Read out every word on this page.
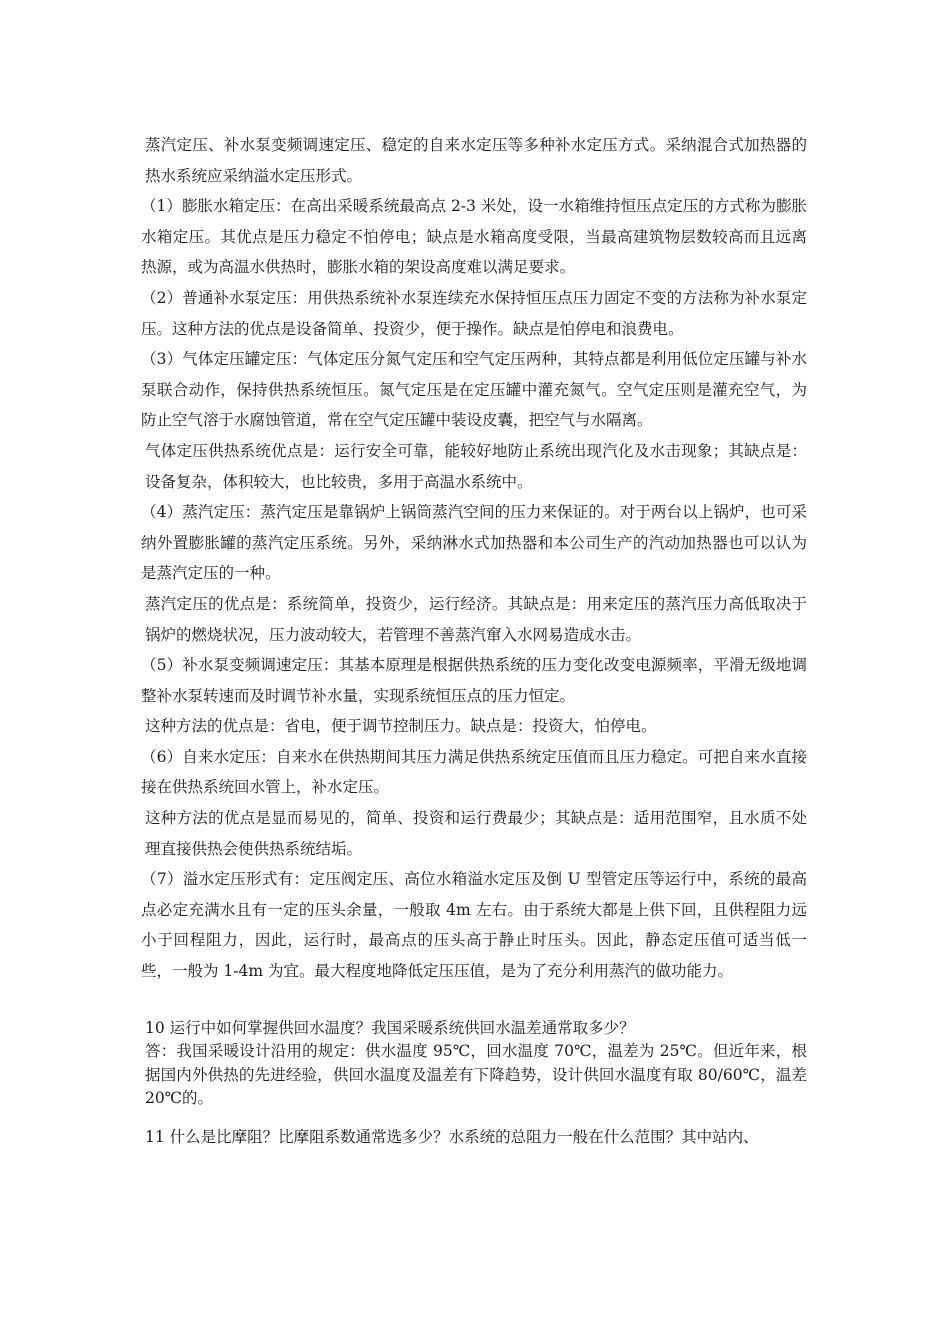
蒸汽定压、补水泵变频调速定压、稳定的自来水定压等多种补水定压方式。采纳混合式加热器的热水系统应采纳溢水定压形式。

（1）膨胀水箱定压：在高出采暖系统最高点 2-3 米处，设一水箱维持恒压点定压的方式称为膨胀水箱定压。其优点是压力稳定不怕停电；缺点是水箱高度受限，当最高建筑物层数较高而且远离热源，或为高温水供热时，膨胀水箱的架设高度难以满足要求。

（2）普通补水泵定压：用供热系统补水泵连续充水保持恒压点压力固定不变的方法称为补水泵定压。这种方法的优点是设备简单、投资少，便于操作。缺点是怕停电和浪费电。

（3）气体定压罐定压：气体定压分氮气定压和空气定压两种，其特点都是利用低位定压罐与补水泵联合动作，保持供热系统恒压。氮气定压是在定压罐中灌充氮气。空气定压则是灌充空气，为防止空气溶于水腐蚀管道，常在空气定压罐中装设皮囊，把空气与水隔离。

气体定压供热系统优点是：运行安全可靠，能较好地防止系统出现汽化及水击现象；其缺点是：设备复杂，体积较大，也比较贵，多用于高温水系统中。

（4）蒸汽定压：蒸汽定压是靠锅炉上锅筒蒸汽空间的压力来保证的。对于两台以上锅炉，也可采纳外置膨胀罐的蒸汽定压系统。另外，采纳淋水式加热器和本公司生产的汽动加热器也可以认为是蒸汽定压的一种。

蒸汽定压的优点是：系统简单，投资少，运行经济。其缺点是：用来定压的蒸汽压力高低取决于锅炉的燃烧状况，压力波动较大，若管理不善蒸汽窜入水网易造成水击。

（5）补水泵变频调速定压：其基本原理是根据供热系统的压力变化改变电源频率，平滑无级地调整补水泵转速而及时调节补水量，实现系统恒压点的压力恒定。

这种方法的优点是：省电，便于调节控制压力。缺点是：投资大，怕停电。

（6）自来水定压：自来水在供热期间其压力满足供热系统定压值而且压力稳定。可把自来水直接接在供热系统回水管上，补水定压。

这种方法的优点是显而易见的，简单、投资和运行费最少；其缺点是：适用范围窄，且水质不处理直接供热会使供热系统结垢。

（7）溢水定压形式有：定压阀定压、高位水箱溢水定压及倒 U 型管定压等运行中，系统的最高点必定充满水且有一定的压头余量，一般取 4m 左右。由于系统大都是上供下回，且供程阻力远小于回程阻力，因此，运行时，最高点的压头高于静止时压头。因此，静态定压值可适当低一些，一般为 1-4m 为宜。最大程度地降低定压压值，是为了充分利用蒸汽的做功能力。

10 运行中如何掌握供回水温度？我国采暖系统供回水温差通常取多少？

答：我国采暖设计沿用的规定：供水温度 95℃，回水温度 70℃，温差为 25℃。但近年来，根据国内外供热的先进经验，供回水温度及温差有下降趋势，设计供回水温度有取 80/60℃，温差 20℃的。

11 什么是比摩阻？比摩阻系数通常选多少？水系统的总阻力一般在什么范围？其中站内、
